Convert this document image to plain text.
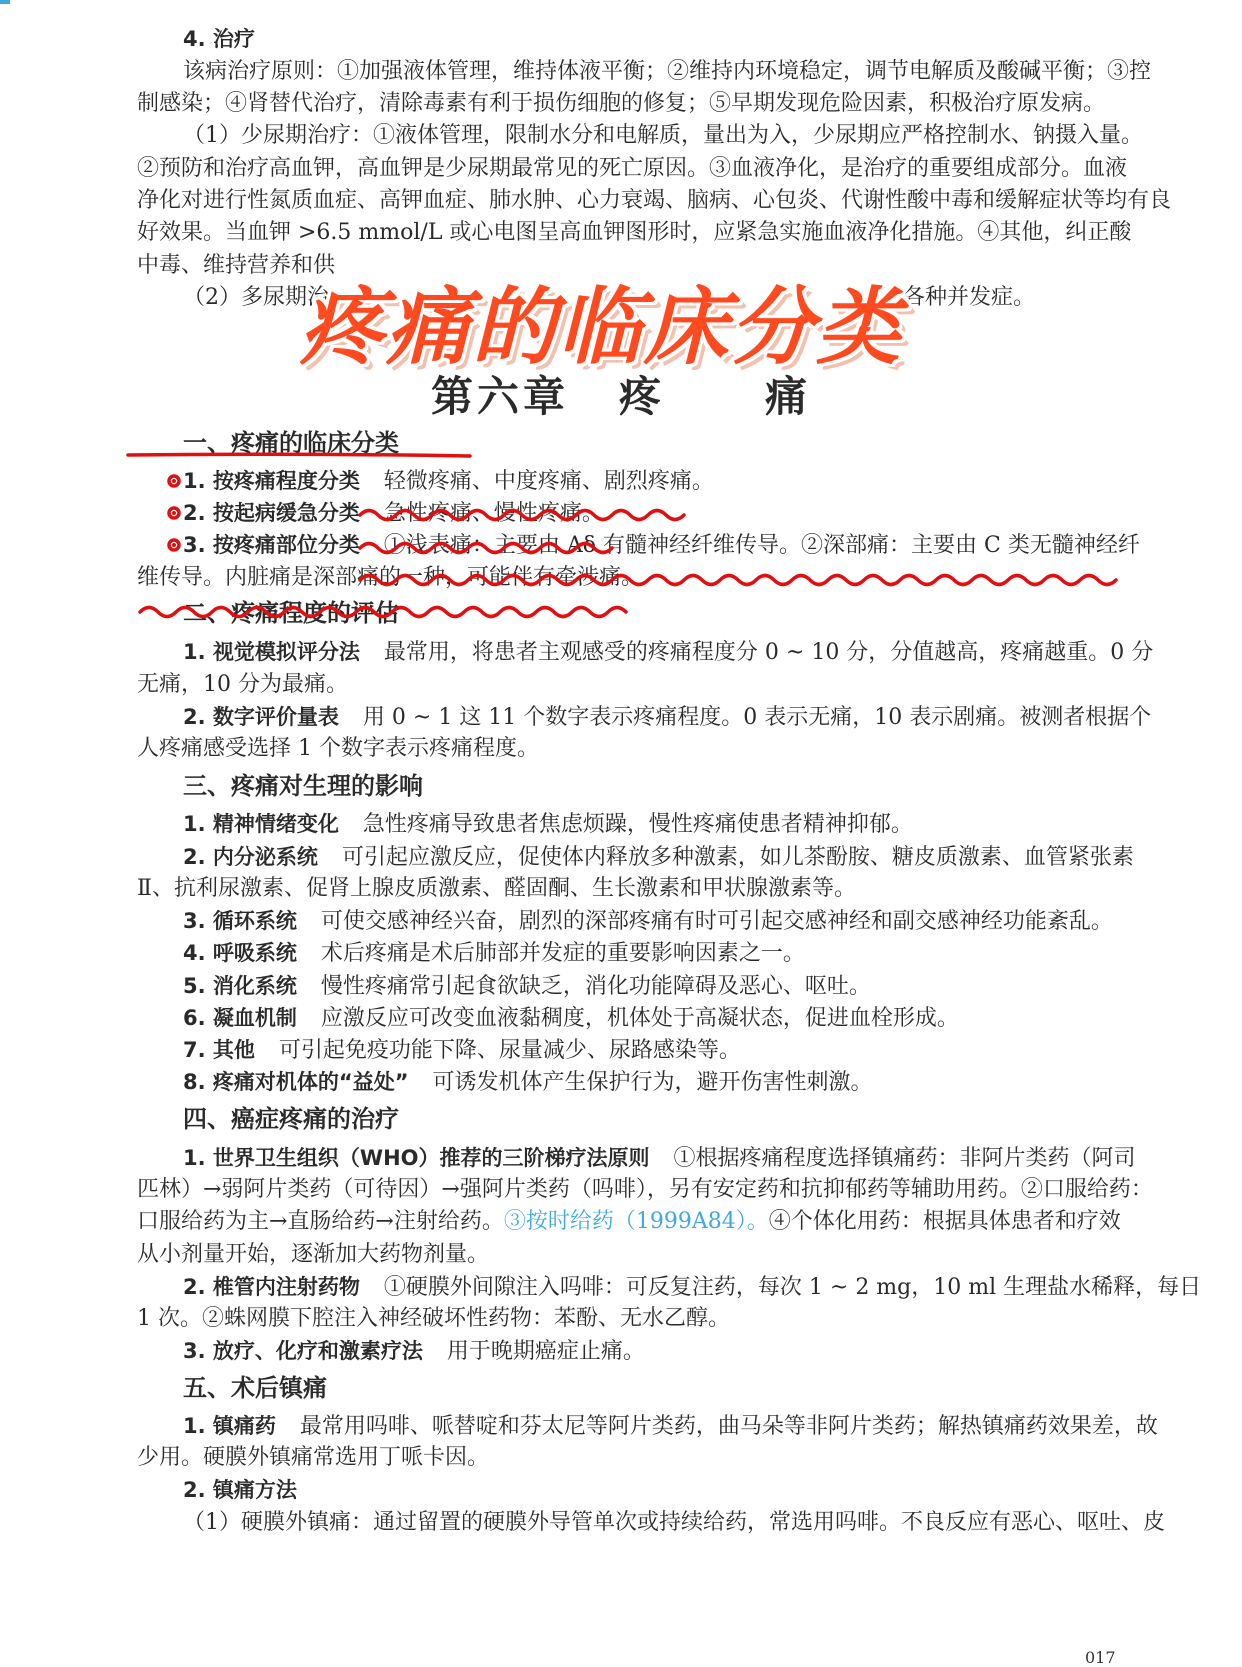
4. 治疗
该病治疗原则：①加强液体管理，维持体液平衡；②维持内环境稳定，调节电解质及酸碱平衡；③控
制感染；④肾替代治疗，清除毒素有利于损伤细胞的修复；⑤早期发现危险因素，积极治疗原发病。
（1）少尿期治疗：①液体管理，限制水分和电解质，量出为入，少尿期应严格控制水、钠摄入量。
②预防和治疗高血钾，高血钾是少尿期最常见的死亡原因。③血液净化，是治疗的重要组成部分。血液
净化对进行性氮质血症、高钾血症、肺水肿、心力衰竭、脑病、心包炎、代谢性酸中毒和缓解症状等均有良
好效果。当血钾 >6.5 mmol/L 或心电图呈高血钾图形时，应紧急实施血液净化措施。④其他，纠正酸
中毒、维持营养和供
（2）多尿期治	各种并发症。
第六章 疼 痛
一、疼痛的临床分类
1. 按疼痛程度分类 轻微疼痛、中度疼痛、剧烈疼痛。
2. 按起病缓急分类 急性疼痛、慢性疼痛。
3. 按疼痛部位分类 ①浅表痛：主要由 Aδ 有髓神经纤维传导。②深部痛：主要由 C 类无髓神经纤
维传导。内脏痛是深部痛的一种，可能伴有牵涉痛。
二、疼痛程度的评估
1. 视觉模拟评分法 最常用，将患者主观感受的疼痛程度分 0 ~ 10 分，分值越高，疼痛越重。0 分
无痛，10 分为最痛。
2. 数字评价量表 用 0 ~ 1 这 11 个数字表示疼痛程度。0 表示无痛，10 表示剧痛。被测者根据个
人疼痛感受选择 1 个数字表示疼痛程度。
三、疼痛对生理的影响
1. 精神情绪变化 急性疼痛导致患者焦虑烦躁，慢性疼痛使患者精神抑郁。
2. 内分泌系统 可引起应激反应，促使体内释放多种激素，如儿茶酚胺、糖皮质激素、血管紧张素
Ⅱ、抗利尿激素、促肾上腺皮质激素、醛固酮、生长激素和甲状腺激素等。
3. 循环系统 可使交感神经兴奋，剧烈的深部疼痛有时可引起交感神经和副交感神经功能紊乱。
4. 呼吸系统 术后疼痛是术后肺部并发症的重要影响因素之一。
5. 消化系统 慢性疼痛常引起食欲缺乏，消化功能障碍及恶心、呕吐。
6. 凝血机制 应激反应可改变血液黏稠度，机体处于高凝状态，促进血栓形成。
7. 其他 可引起免疫功能下降、尿量减少、尿路感染等。
8. 疼痛对机体的“益处” 可诱发机体产生保护行为，避开伤害性刺激。
四、癌症疼痛的治疗
1. 世界卫生组织（WHO）推荐的三阶梯疗法原则 ①根据疼痛程度选择镇痛药：非阿片类药（阿司
匹林）→弱阿片类药（可待因）→强阿片类药（吗啡），另有安定药和抗抑郁药等辅助用药。②口服给药：
口服给药为主→直肠给药→注射给药。③按时给药（1999A84）。④个体化用药：根据具体患者和疗效
从小剂量开始，逐渐加大药物剂量。
2. 椎管内注射药物 ①硬膜外间隙注入吗啡：可反复注药，每次 1 ~ 2 mg，10 ml 生理盐水稀释，每日
1 次。②蛛网膜下腔注入神经破坏性药物：苯酚、无水乙醇。
3. 放疗、化疗和激素疗法 用于晚期癌症止痛。
五、术后镇痛
1. 镇痛药 最常用吗啡、哌替啶和芬太尼等阿片类药，曲马朵等非阿片类药；解热镇痛药效果差，故
少用。硬膜外镇痛常选用丁哌卡因。
2. 镇痛方法
（1）硬膜外镇痛：通过留置的硬膜外导管单次或持续给药，常选用吗啡。不良反应有恶心、呕吐、皮
017
疼痛的临床分类
